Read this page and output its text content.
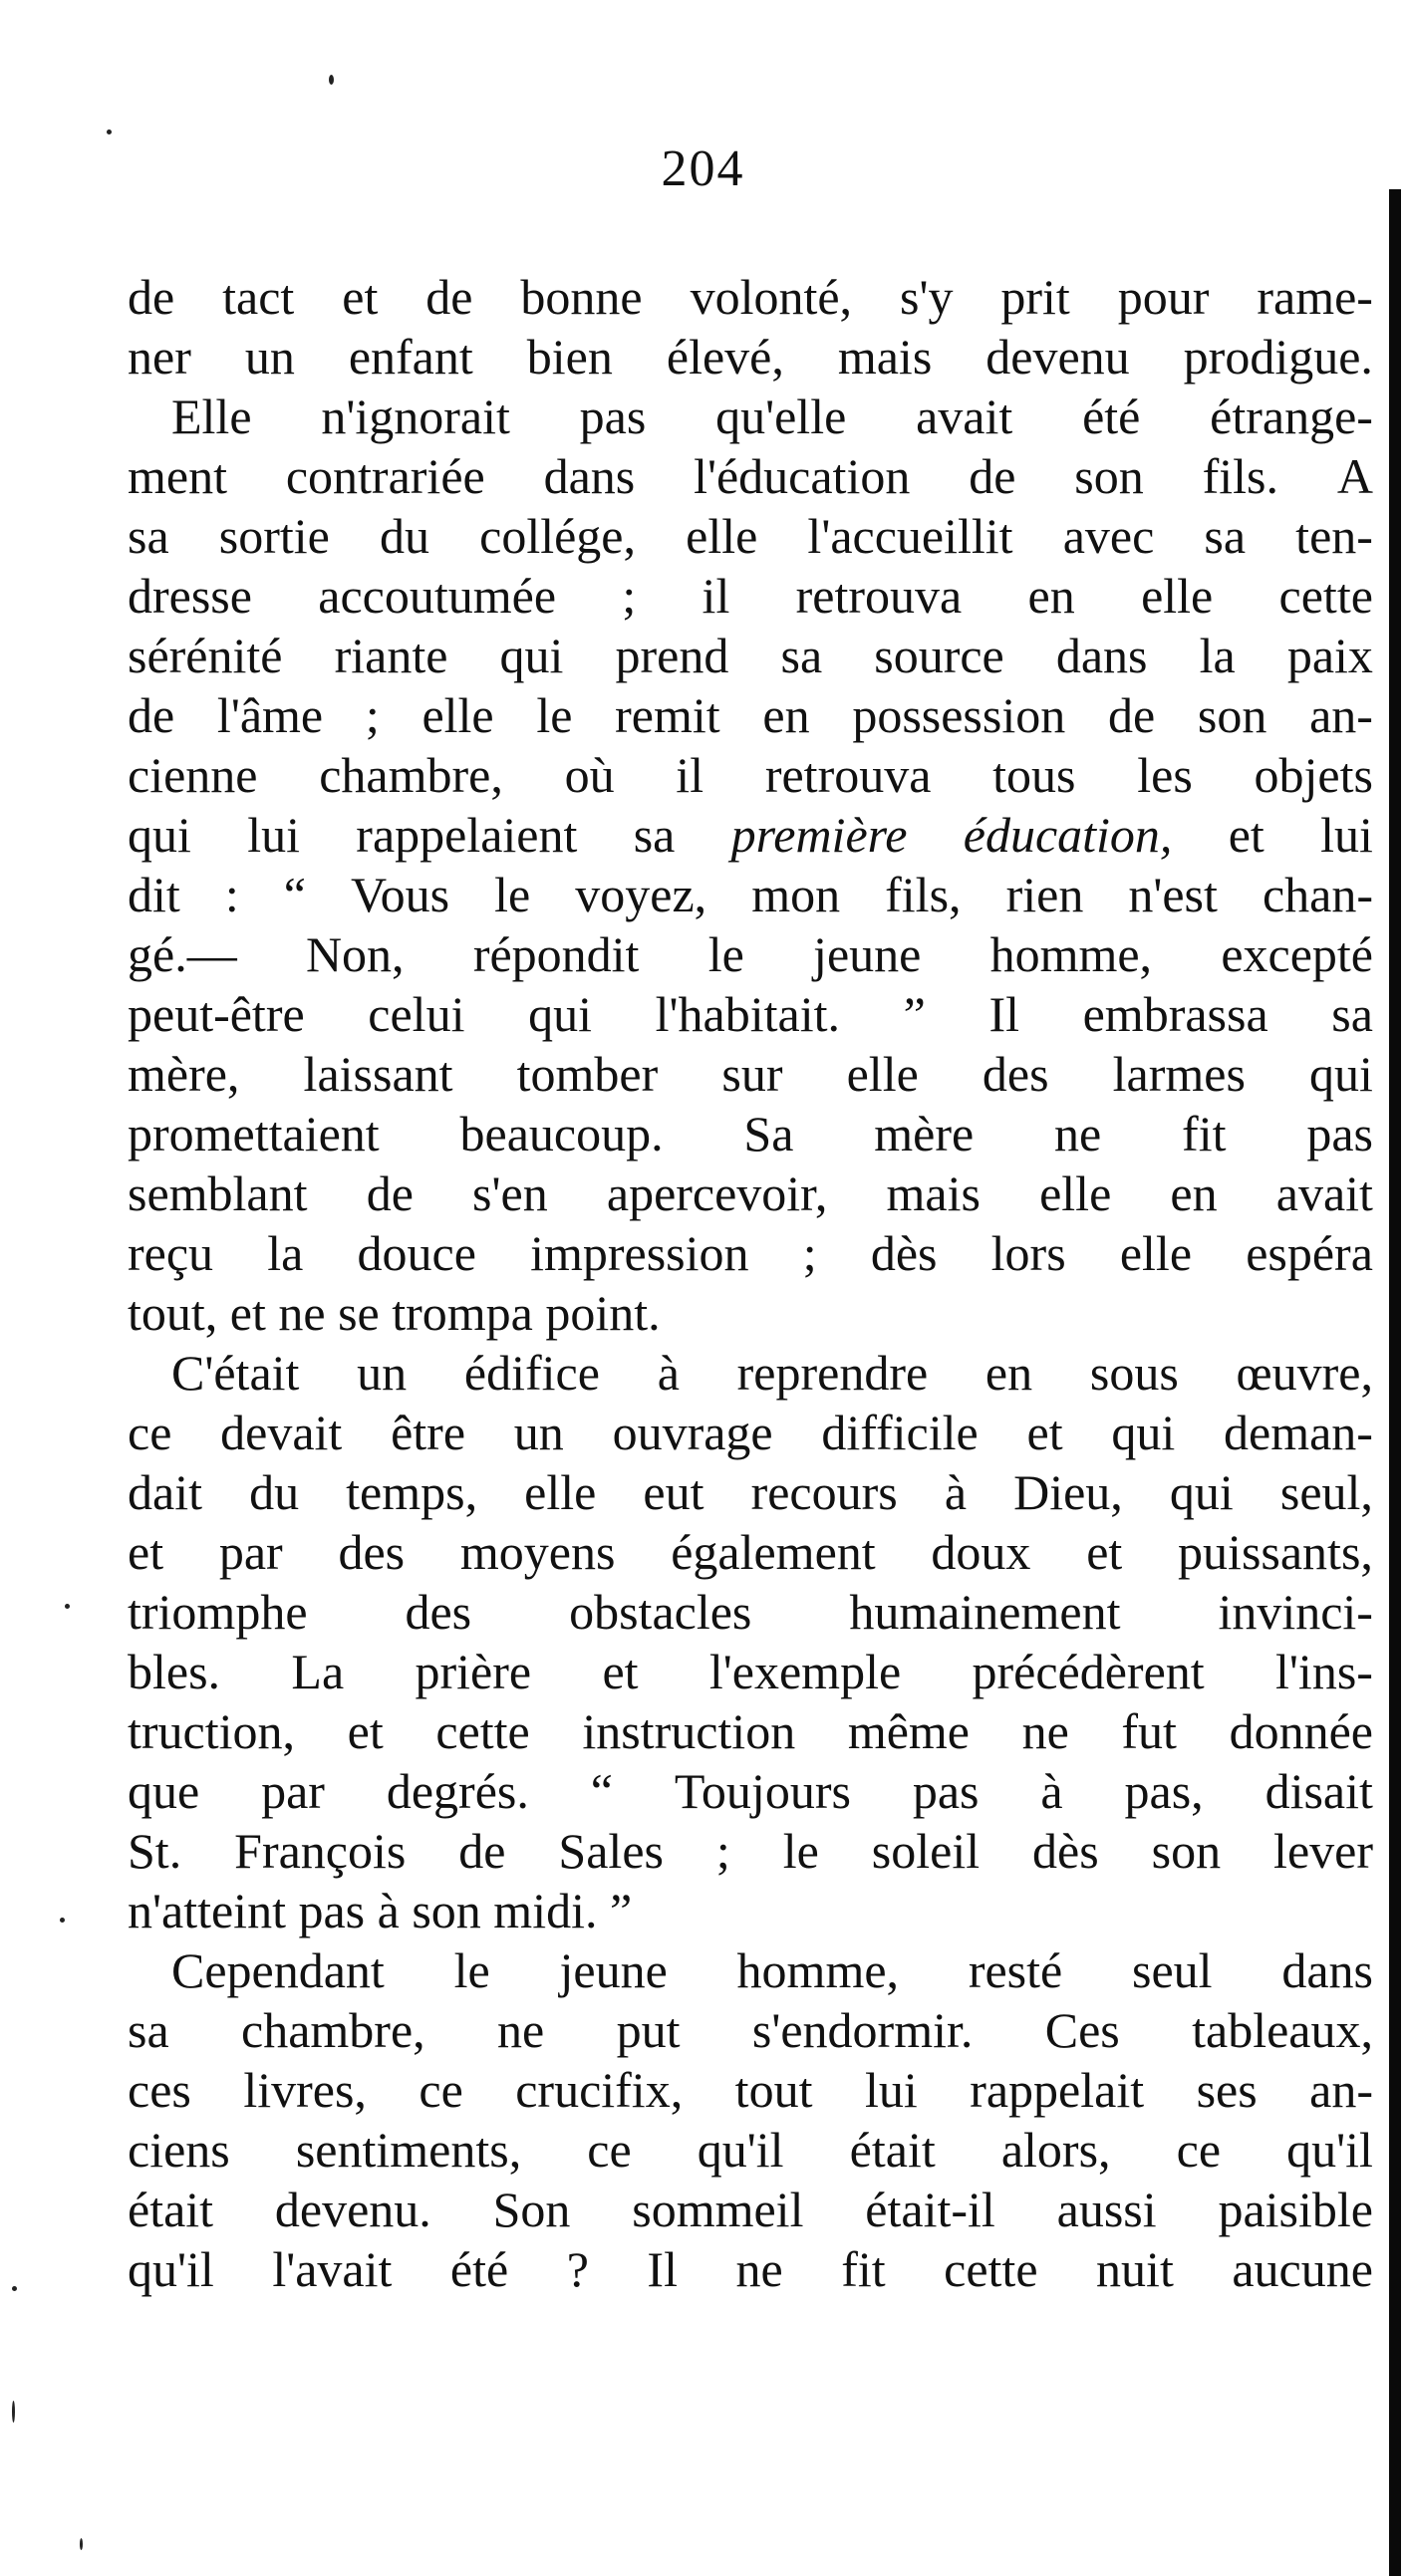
204
de tact et de bonne volonté, s'y prit pour rame-
ner un enfant bien élevé, mais devenu prodigue.
Elle n'ignorait pas qu'elle avait été étrange-
ment contrariée dans l'éducation de son fils. A
sa sortie du collége, elle l'accueillit avec sa ten-
dresse accoutumée ; il retrouva en elle cette
sérénité riante qui prend sa source dans la paix
de l'âme ; elle le remit en possession de son an-
cienne chambre, où il retrouva tous les objets
qui lui rappelaient sa première éducation, et lui
dit : “ Vous le voyez, mon fils, rien n'est chan-
gé.— Non, répondit le jeune homme, excepté
peut-être celui qui l'habitait. ” Il embrassa sa
mère, laissant tomber sur elle des larmes qui
promettaient beaucoup. Sa mère ne fit pas
semblant de s'en apercevoir, mais elle en avait
reçu la douce impression ; dès lors elle espéra
tout,
et
ne
se
trompa
point.

C'était un édifice à reprendre en sous œuvre,
ce devait être un ouvrage difficile et qui deman-
dait du temps, elle eut recours à Dieu, qui seul,
et par des moyens également doux et puissants,
triomphe des obstacles humainement invinci-
bles. La prière et l'exemple précédèrent l'ins-
truction, et cette instruction même ne fut donnée
que par degrés. “ Toujours pas à pas, disait
St. François de Sales ; le soleil dès son lever
n'atteint
pas
à
son
midi.
”

Cependant le jeune homme, resté seul dans
sa chambre, ne put s'endormir. Ces tableaux,
ces livres, ce crucifix, tout lui rappelait ses an-
ciens sentiments, ce qu'il était alors, ce qu'il
était devenu. Son sommeil était-il aussi paisible
qu'il l'avait été ? Il ne fit cette nuit aucune
